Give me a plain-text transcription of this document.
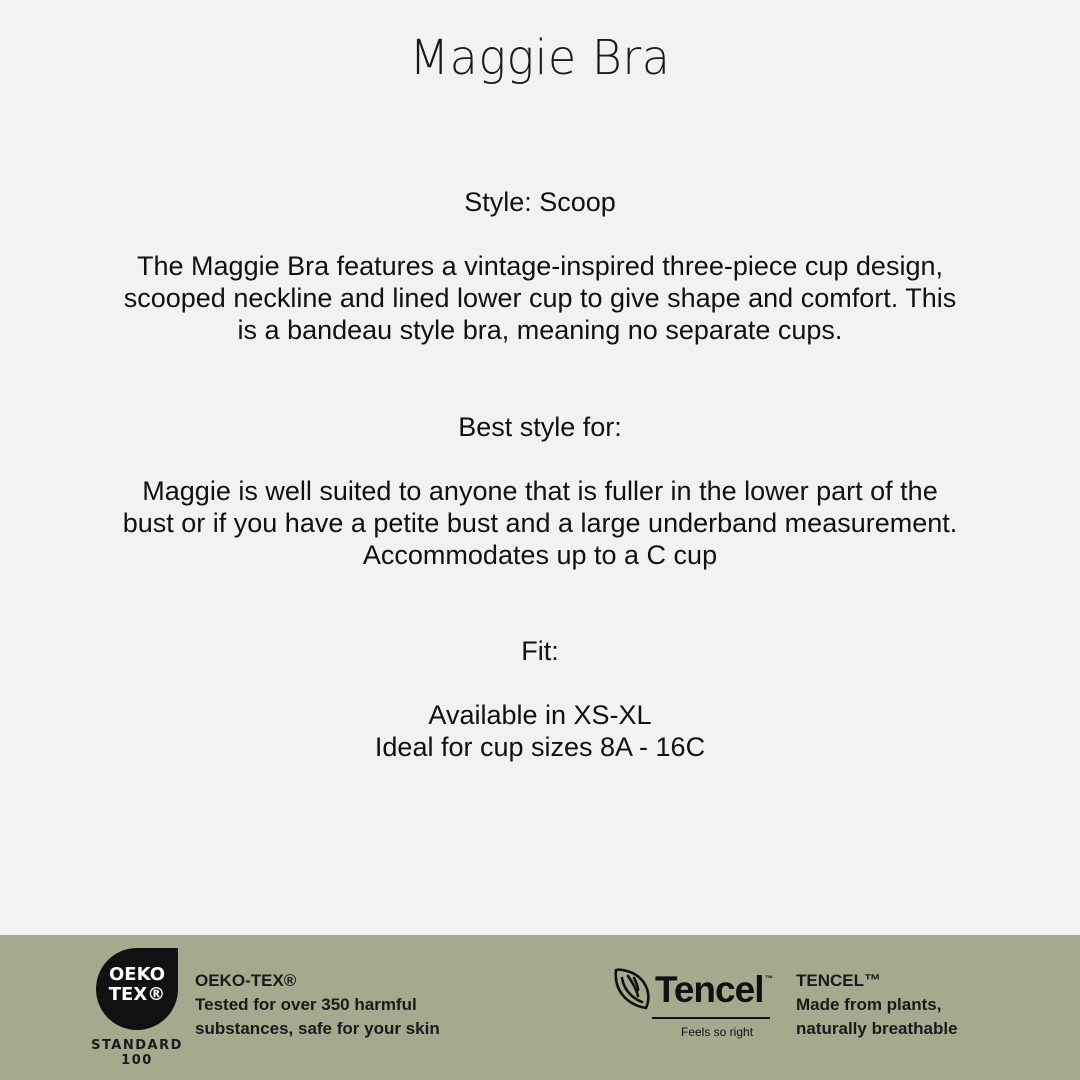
Maggie Bra

Style: Scoop

The Maggie Bra features a vintage-inspired three-piece cup design,

scooped neckline and lined lower cup to give shape and comfort. This

is a bandeau style bra, meaning no separate cups.

Best style for:

Maggie is well suited to anyone that is fuller in the lower part of the

bust or if you have a petite bust and a large underband measurement.

Accommodates up to a C cup

Fit:

Available in XS-XL

Ideal for cup sizes 8A - 16C

OEKO
TEX®
STANDARD
100
OEKO-TEX®
Tested for over 350 harmful
substances, safe for your skin
Tencel ™
Feels so right
TENCEL™
Made from plants,
naturally breathable
